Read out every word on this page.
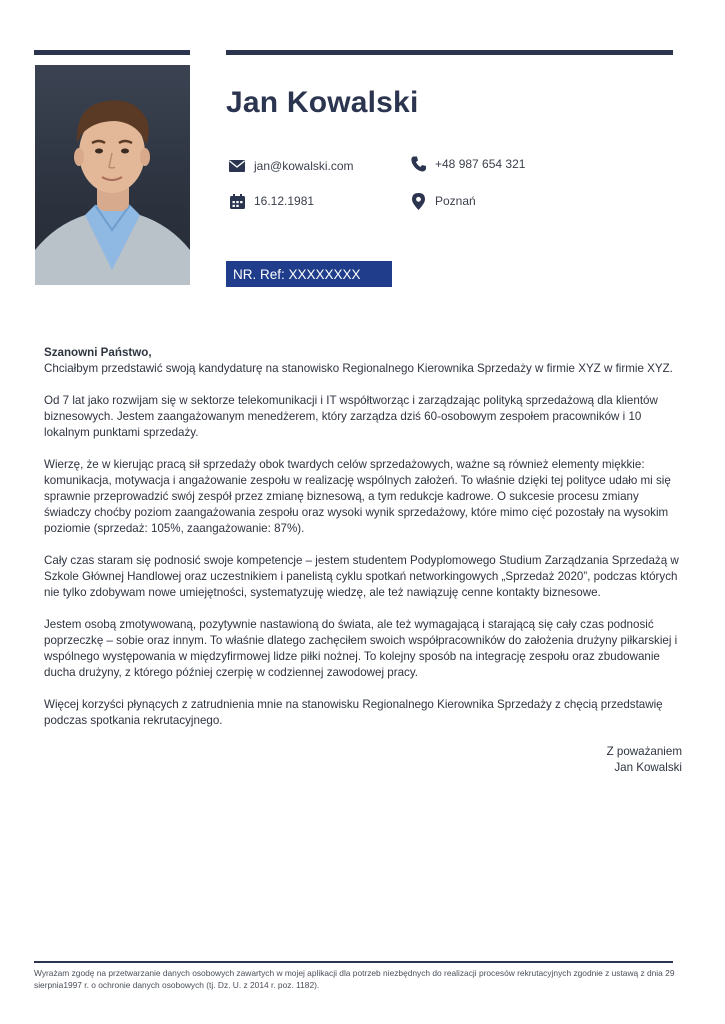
Jan Kowalski
jan@kowalski.com	+48 987 654 321
16.12.1981	Poznań
NR. Ref: XXXXXXXX

Szanowni Państwo,
Chciałbym przedstawić swoją kandydaturę na stanowisko Regionalnego Kierownika Sprzedaży w firmie XYZ w firmie XYZ.

Od 7 lat jako rozwijam się w sektorze telekomunikacji i IT współtworząc i zarządzając polityką sprzedażową dla klientów biznesowych. Jestem zaangażowanym menedżerem, który zarządza dziś 60-osobowym zespołem pracowników i 10 lokalnym punktami sprzedaży.

Wierzę, że w kierując pracą sił sprzedaży obok twardych celów sprzedażowych, ważne są również elementy miękkie: komunikacja, motywacja i angażowanie zespołu w realizację wspólnych założeń. To właśnie dzięki tej polityce udało mi się sprawnie przeprowadzić swój zespół przez zmianę biznesową, a tym redukcje kadrowe. O sukcesie procesu zmiany świadczy choćby poziom zaangażowania zespołu oraz wysoki wynik sprzedażowy, które mimo cięć pozostały na wysokim poziomie (sprzedaż: 105%, zaangażowanie: 87%).

Cały czas staram się podnosić swoje kompetencje – jestem studentem Podyplomowego Studium Zarządzania Sprzedażą w Szkole Głównej Handlowej oraz uczestnikiem i panelistą cyklu spotkań networkingowych „Sprzedaż 2020”, podczas których nie tylko zdobywam nowe umiejętności, systematyzuję wiedzę, ale też nawiązuję cenne kontakty biznesowe.

Jestem osobą zmotywowaną, pozytywnie nastawioną do świata, ale też wymagającą i starającą się cały czas podnosić poprzeczkę – sobie oraz innym. To właśnie dlatego zachęciłem swoich współpracowników do założenia drużyny piłkarskiej i wspólnego występowania w międzyfirmowej lidze piłki nożnej. To kolejny sposób na integrację zespołu oraz zbudowanie ducha drużyny, z którego później czerpię w codziennej zawodowej pracy.

Więcej korzyści płynących z zatrudnienia mnie na stanowisku Regionalnego Kierownika Sprzedaży z chęcią przedstawię podczas spotkania rekrutacyjnego.

Z poważaniem
Jan Kowalski
Wyrażam zgodę na przetwarzanie danych osobowych zawartych w mojej aplikacji dla potrzeb niezbędnych do realizacji procesów rekrutacyjnych zgodnie z ustawą z dnia 29 sierpnia1997 r. o ochronie danych osobowych (tj. Dz. U. z 2014 r. poz. 1182).
